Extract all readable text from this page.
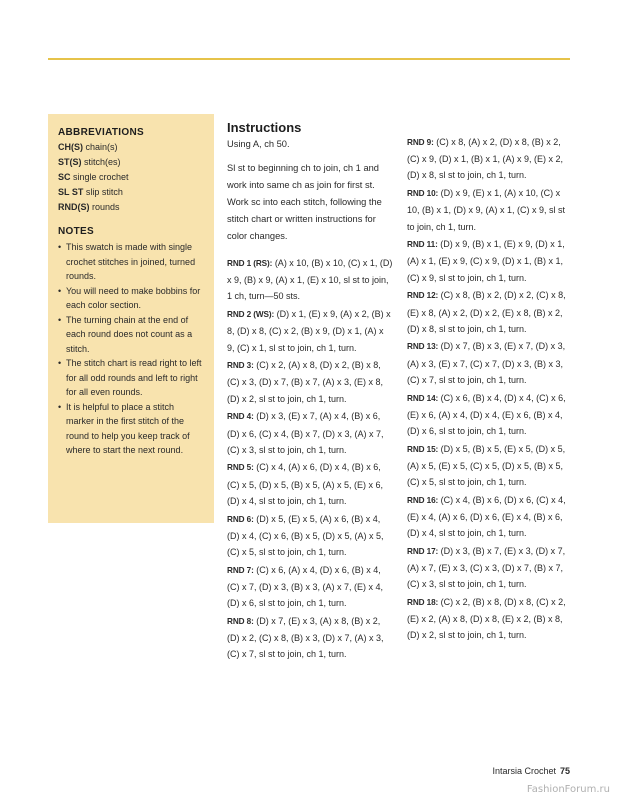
ABBREVIATIONS
CH(S) chain(s)
ST(S) stitch(es)
SC single crochet
SL ST slip stitch
RND(S) rounds
NOTES
• This swatch is made with single crochet stitches in joined, turned rounds.
• You will need to make bobbins for each color section.
• The turning chain at the end of each round does not count as a stitch.
• The stitch chart is read right to left for all odd rounds and left to right for all even rounds.
• It is helpful to place a stitch marker in the first stitch of the round to help you keep track of where to start the next round.
Instructions

Using A, ch 50.

Sl st to beginning ch to join, ch 1 and work into same ch as join for first st. Work sc into each stitch, following the stitch chart or written instructions for color changes.

RND 1 (RS): (A) x 10, (B) x 10, (C) x 1, (D) x 9, (B) x 9, (A) x 1, (E) x 10, sl st to join, 1 ch, turn—50 sts.

RND 2 (WS): (D) x 1, (E) x 9, (A) x 2, (B) x 8, (D) x 8, (C) x 2, (B) x 9, (D) x 1, (A) x 9, (C) x 1, sl st to join, ch 1, turn.

RND 3: (C) x 2, (A) x 8, (D) x 2, (B) x 8, (C) x 3, (D) x 7, (B) x 7, (A) x 3, (E) x 8, (D) x 2, sl st to join, ch 1, turn.

RND 4: (D) x 3, (E) x 7, (A) x 4, (B) x 6, (D) x 6, (C) x 4, (B) x 7, (D) x 3, (A) x 7, (C) x 3, sl st to join, ch 1, turn.

RND 5: (C) x 4, (A) x 6, (D) x 4, (B) x 6, (C) x 5, (D) x 5, (B) x 5, (A) x 5, (E) x 6, (D) x 4, sl st to join, ch 1, turn.

RND 6: (D) x 5, (E) x 5, (A) x 6, (B) x 4, (D) x 4, (C) x 6, (B) x 5, (D) x 5, (A) x 5, (C) x 5, sl st to join, ch 1, turn.

RND 7: (C) x 6, (A) x 4, (D) x 6, (B) x 4, (C) x 7, (D) x 3, (B) x 3, (A) x 7, (E) x 4, (D) x 6, sl st to join, ch 1, turn.

RND 8: (D) x 7, (E) x 3, (A) x 8, (B) x 2, (D) x 2, (C) x 8, (B) x 3, (D) x 7, (A) x 3, (C) x 7, sl st to join, ch 1, turn.

RND 9: (C) x 8, (A) x 2, (D) x 8, (B) x 2, (C) x 9, (D) x 1, (B) x 1, (A) x 9, (E) x 2, (D) x 8, sl st to join, ch 1, turn.

RND 10: (D) x 9, (E) x 1, (A) x 10, (C) x 10, (B) x 1, (D) x 9, (A) x 1, (C) x 9, sl st to join, ch 1, turn.

RND 11: (D) x 9, (B) x 1, (E) x 9, (D) x 1, (A) x 1, (E) x 9, (C) x 9, (D) x 1, (B) x 1, (C) x 9, sl st to join, ch 1, turn.

RND 12: (C) x 8, (B) x 2, (D) x 2, (C) x 8, (E) x 8, (A) x 2, (D) x 2, (E) x 8, (B) x 2, (D) x 8, sl st to join, ch 1, turn.

RND 13: (D) x 7, (B) x 3, (E) x 7, (D) x 3, (A) x 3, (E) x 7, (C) x 7, (D) x 3, (B) x 3, (C) x 7, sl st to join, ch 1, turn.

RND 14: (C) x 6, (B) x 4, (D) x 4, (C) x 6, (E) x 6, (A) x 4, (D) x 4, (E) x 6, (B) x 4, (D) x 6, sl st to join, ch 1, turn.

RND 15: (D) x 5, (B) x 5, (E) x 5, (D) x 5, (A) x 5, (E) x 5, (C) x 5, (D) x 5, (B) x 5, (C) x 5, sl st to join, ch 1, turn.

RND 16: (C) x 4, (B) x 6, (D) x 6, (C) x 4, (E) x 4, (A) x 6, (D) x 6, (E) x 4, (B) x 6, (D) x 4, sl st to join, ch 1, turn.

RND 17: (D) x 3, (B) x 7, (E) x 3, (D) x 7, (A) x 7, (E) x 3, (C) x 3, (D) x 7, (B) x 7, (C) x 3, sl st to join, ch 1, turn.

RND 18: (C) x 2, (B) x 8, (D) x 8, (C) x 2, (E) x 2, (A) x 8, (D) x 8, (E) x 2, (B) x 8, (D) x 2, sl st to join, ch 1, turn.

Intarsia Crochet 75
FashionForum.ru
